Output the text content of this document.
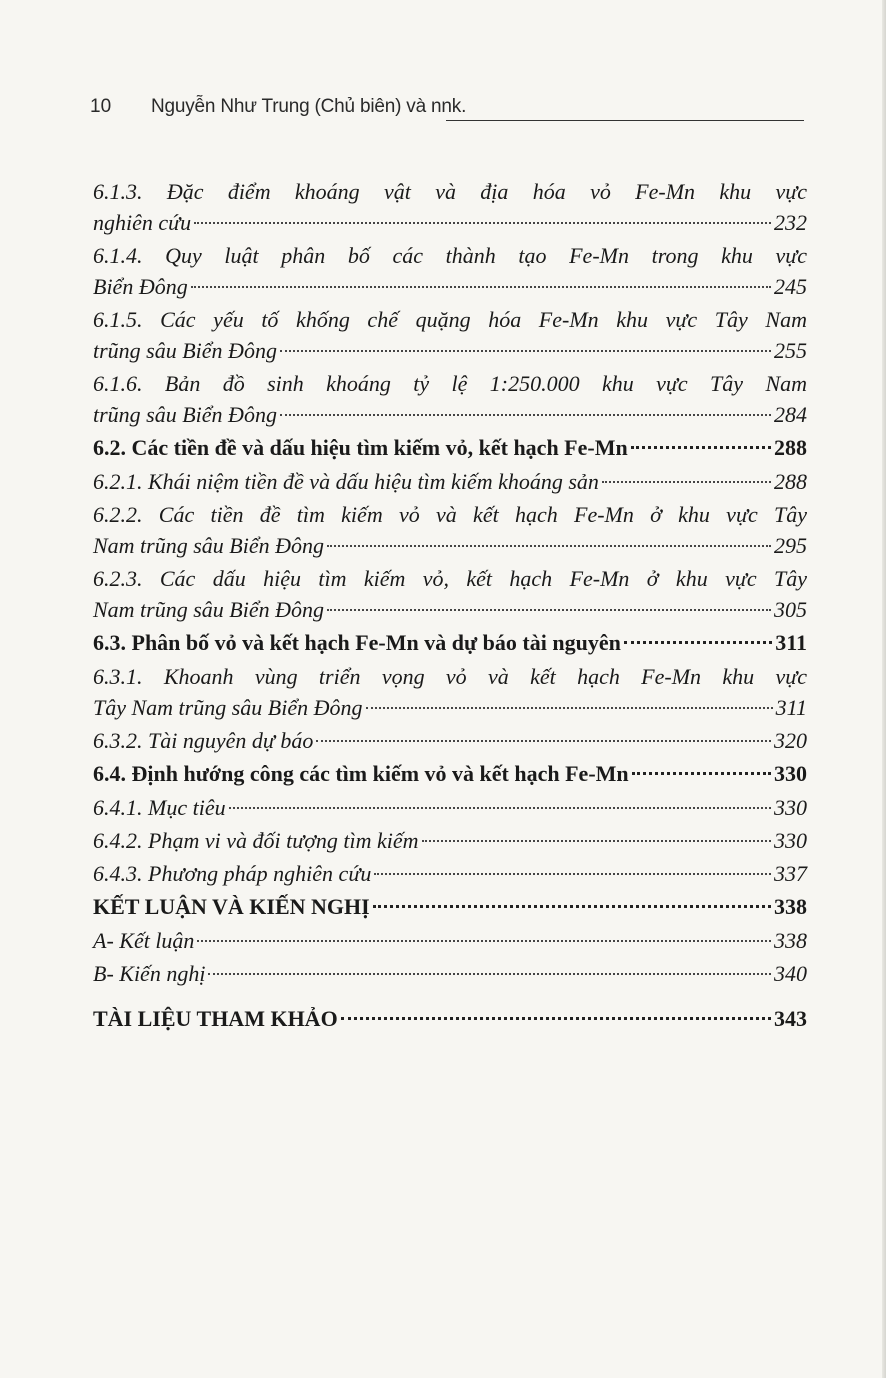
10 Nguyễn Như Trung (Chủ biên) và nnk.
6.1.3. Đặc điểm khoáng vật và địa hóa vỏ Fe-Mn khu vực
nghiên cứu	232
6.1.4. Quy luật phân bố các thành tạo Fe-Mn trong khu vực
Biển Đông	245
6.1.5. Các yếu tố khống chế quặng hóa Fe-Mn khu vực Tây Nam
trũng sâu Biển Đông	255
6.1.6. Bản đồ sinh khoáng tỷ lệ 1:250.000 khu vực Tây Nam
trũng sâu Biển Đông	284
6.2. Các tiền đề và dấu hiệu tìm kiếm vỏ, kết hạch Fe-Mn	288
6.2.1. Khái niệm tiền đề và dấu hiệu tìm kiếm khoáng sản	288
6.2.2. Các tiền đề tìm kiếm vỏ và kết hạch Fe-Mn ở khu vực Tây
Nam trũng sâu Biển Đông	295
6.2.3. Các dấu hiệu tìm kiếm vỏ, kết hạch Fe-Mn ở khu vực Tây
Nam trũng sâu Biển Đông	305
6.3. Phân bố vỏ và kết hạch Fe-Mn và dự báo tài nguyên	311
6.3.1. Khoanh vùng triển vọng vỏ và kết hạch Fe-Mn khu vực
Tây Nam trũng sâu Biển Đông	311
6.3.2. Tài nguyên dự báo	320
6.4. Định hướng công các tìm kiếm vỏ và kết hạch Fe-Mn	330
6.4.1. Mục tiêu	330
6.4.2. Phạm vi và đối tượng tìm kiếm	330
6.4.3. Phương pháp nghiên cứu	337
KẾT LUẬN VÀ KIẾN NGHỊ	338
A- Kết luận	338
B- Kiến nghị	340
TÀI LIỆU THAM KHẢO	343
